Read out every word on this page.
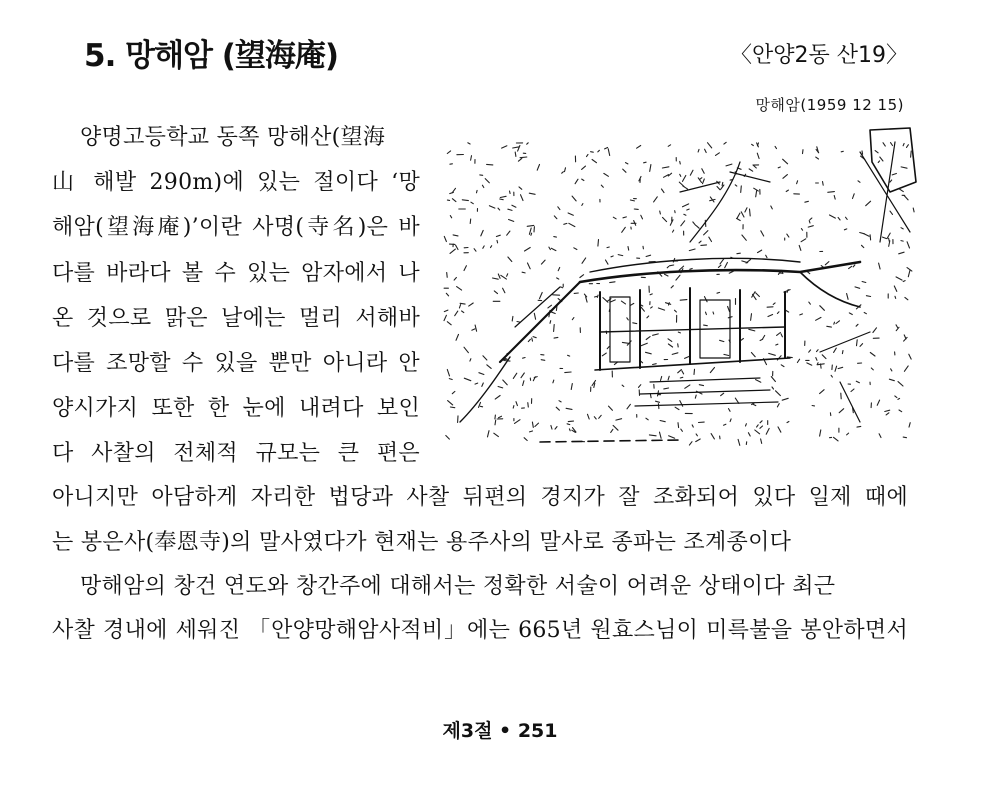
5. 망해암 (望海庵)	〈안양2동 산19〉
망해암(1959 12 15)
양명고등학교 동쪽 망해산(望海
山 해발 290m)에 있는 절이다 ‘망
해암(望海庵)’이란 사명(寺名)은 바
다를 바라다 볼 수 있는 암자에서 나
온 것으로 맑은 날에는 멀리 서해바
다를 조망할 수 있을 뿐만 아니라 안
양시가지 또한 한 눈에 내려다 보인
다 사찰의 전체적 규모는 큰 편은
아니지만 아담하게 자리한 법당과 사찰 뒤편의 경지가 잘 조화되어 있다 일제 때에
는 봉은사(奉恩寺)의 말사였다가 현재는 용주사의 말사로 종파는 조계종이다
망해암의 창건 연도와 창간주에 대해서는 정확한 서술이 어려운 상태이다 최근
사찰 경내에 세워진 「안양망해암사적비」에는 665년 원효스님이 미륵불을 봉안하면서
제3절 • 251
